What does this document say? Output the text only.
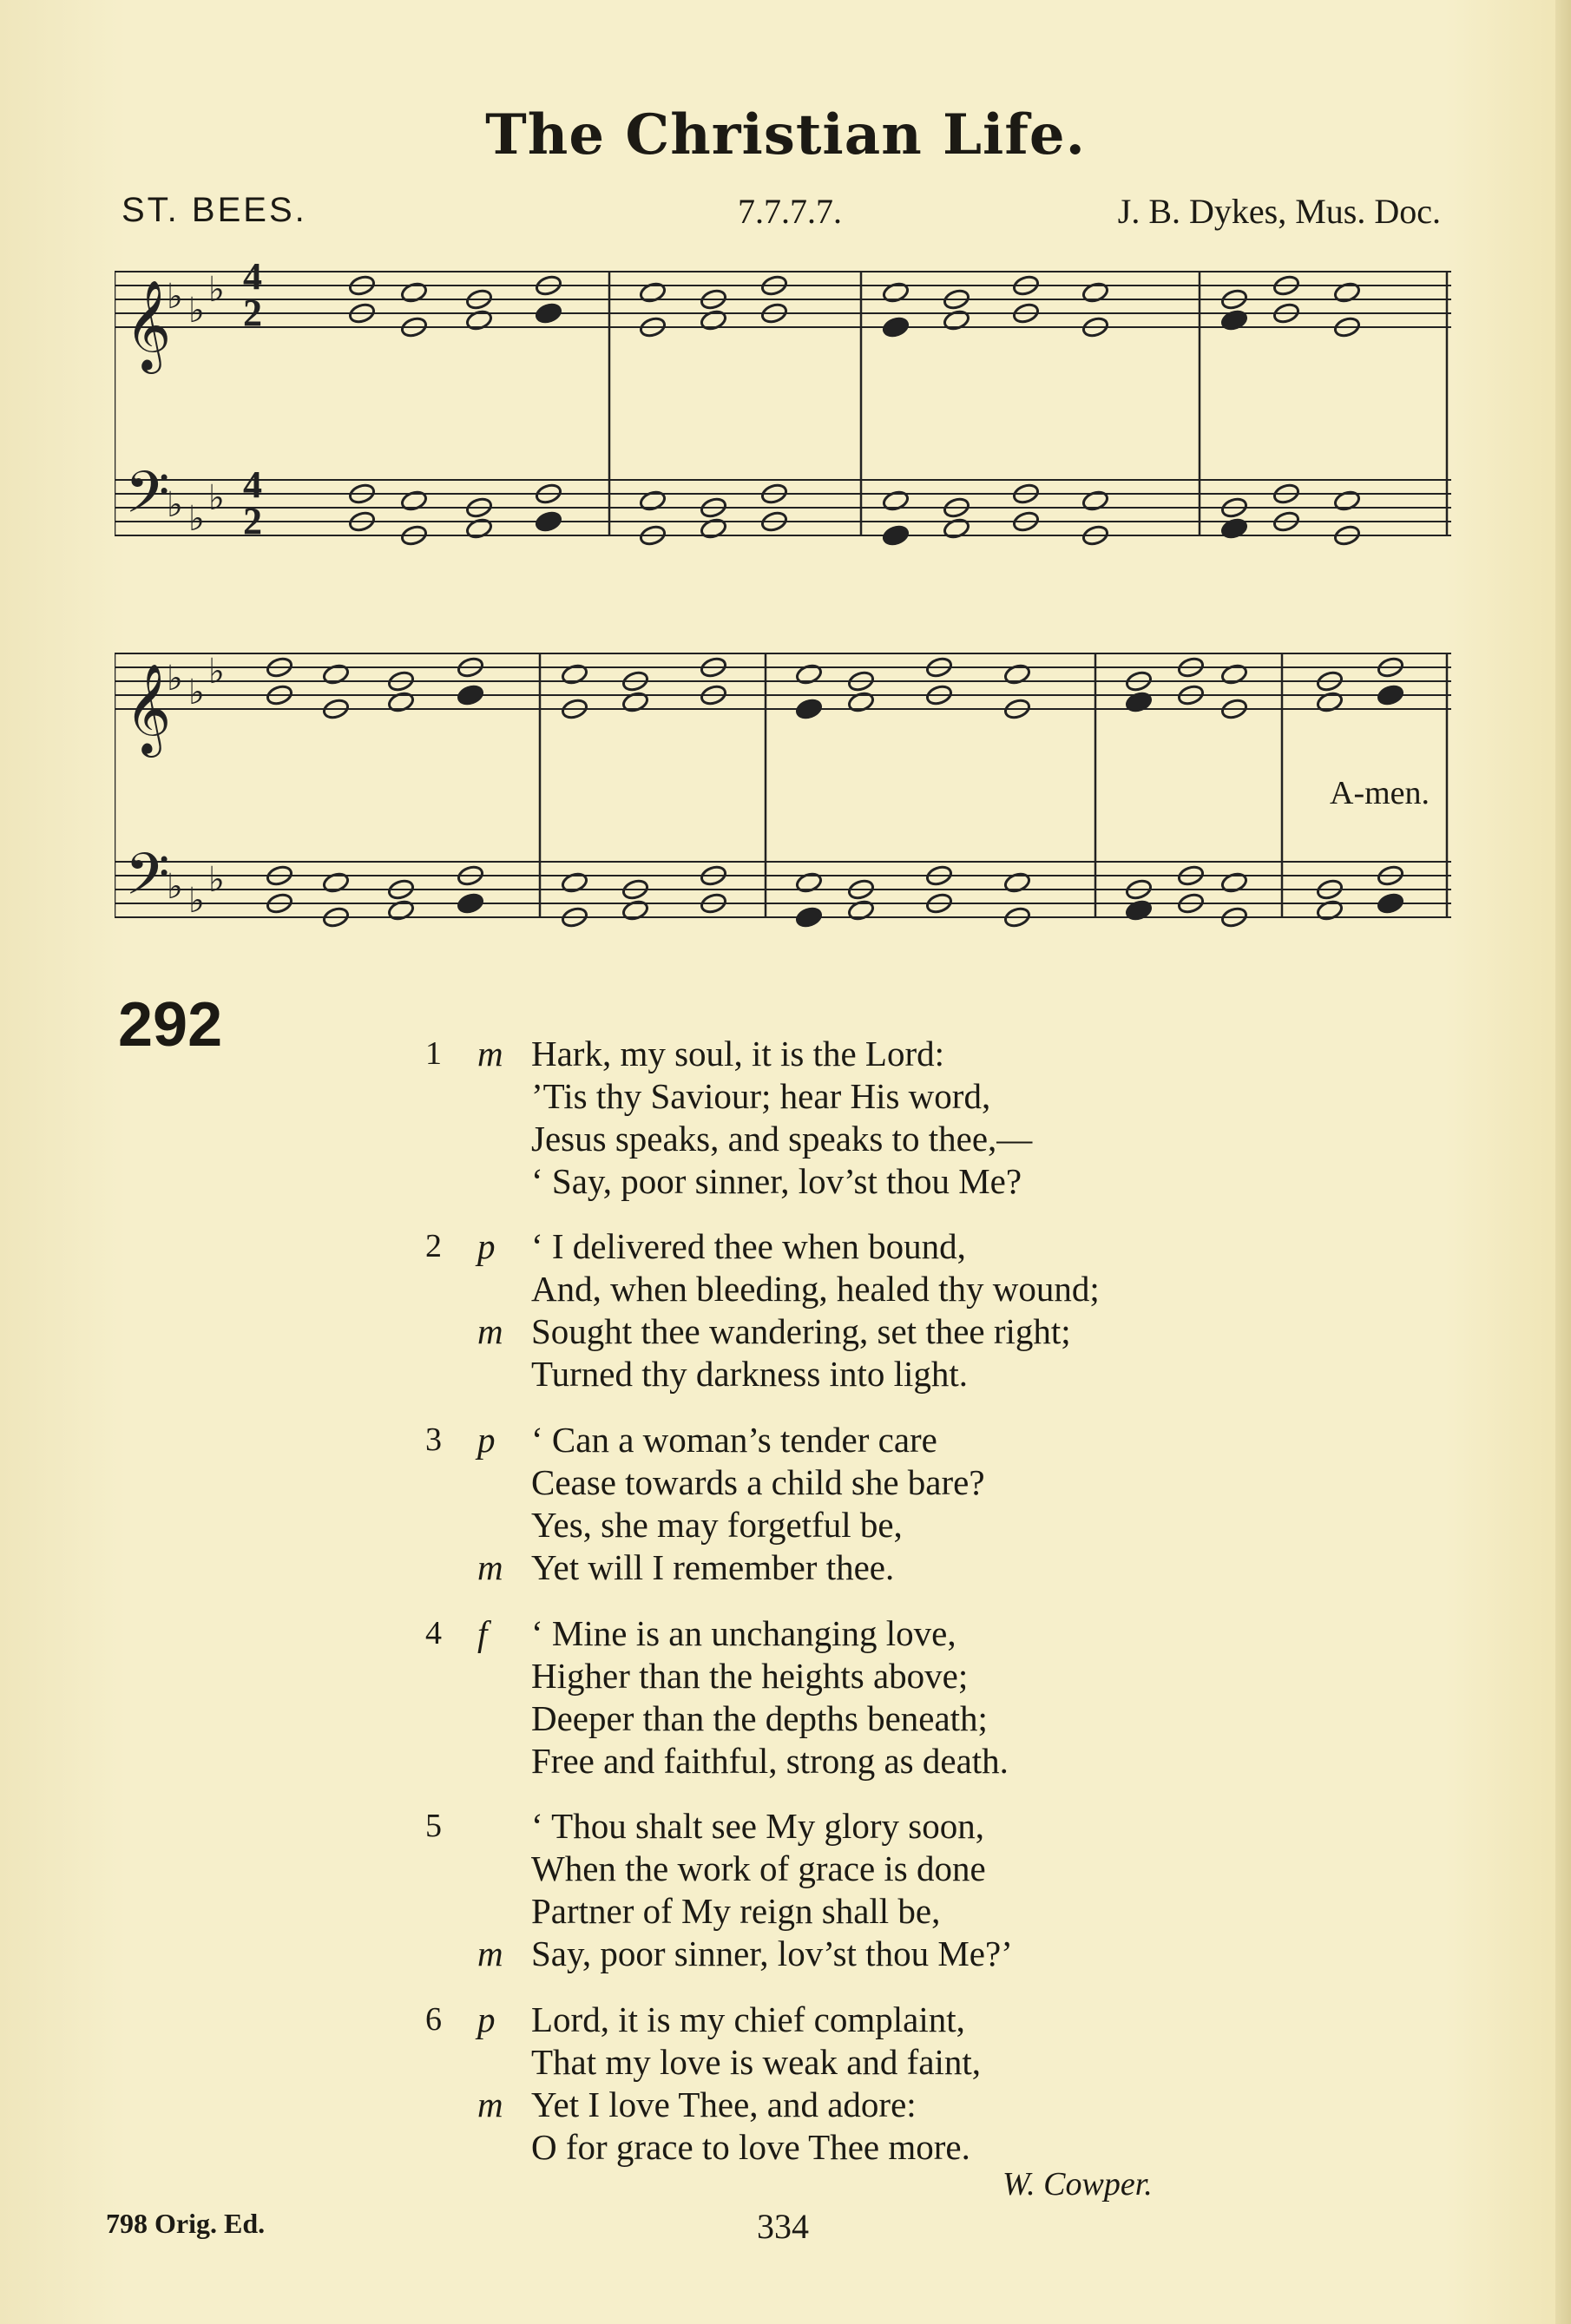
The Christian Life.
ST. BEES.	7.7.7.7.	J. B. Dykes, Mus. Doc.
𝄞
𝄢
𝄞
𝄢
♭ ♭
♭
♭ ♭
♭
♭ ♭
♭
♭ ♭
♭
4
2
4
2
A-men.
292	1	m Hark, my soul, it is the Lord:
’Tis thy Saviour; hear His word,
Jesus speaks, and speaks to thee,—
‘ Say, poor sinner, lov’st thou Me?
2	p	‘ I delivered thee when bound,
And, when bleeding, healed thy wound;
m Sought thee wandering, set thee right;
Turned thy darkness into light.
3	p	‘ Can a woman’s tender care
Cease towards a child she bare?
Yes, she may forgetful be,
m Yet will I remember thee.
4	f	‘ Mine is an unchanging love,
Higher than the heights above;
Deeper than the depths beneath;
Free and faithful, strong as death.
5	‘ Thou shalt see My glory soon,
When the work of grace is done
Partner of My reign shall be,
m Say, poor sinner, lov’st thou Me?’
6	p	Lord, it is my chief complaint,
That my love is weak and faint,
m Yet I love Thee, and adore:
O for grace to love Thee more.
W. Cowper.
798 Orig. Ed.	334
